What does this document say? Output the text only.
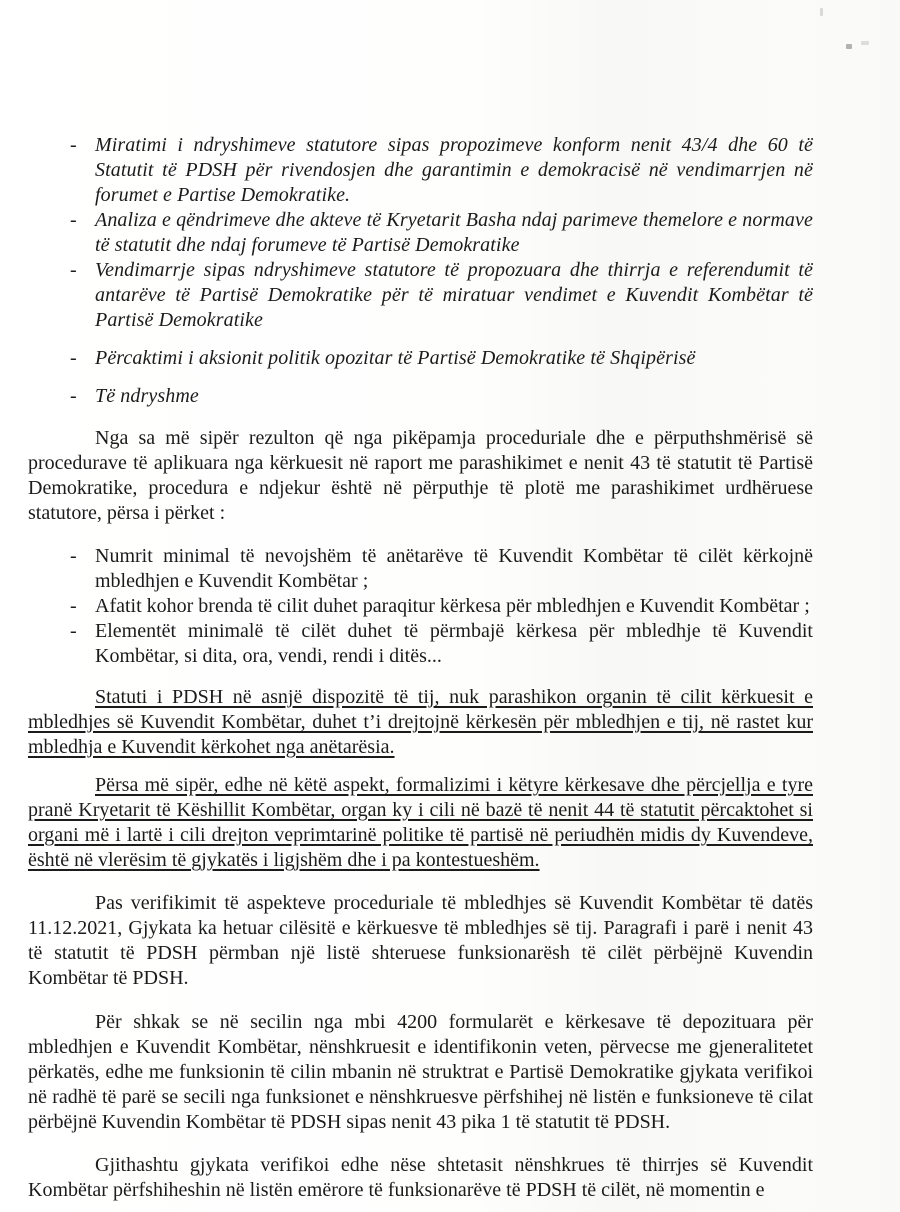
- Miratimi i ndryshimeve statutore sipas propozimeve konform nenit 43/4 dhe 60 të Statutit të PDSH për rivendosjen dhe garantimin e demokracisë në vendimarrjen në forumet e Partise Demokratike.
- Analiza e qëndrimeve dhe akteve të Kryetarit Basha ndaj parimeve themelore e normave të statutit dhe ndaj forumeve të Partisë Demokratike
- Vendimarrje sipas ndryshimeve statutore të propozuara dhe thirrja e referendumit të antarëve të Partisë Demokratike për të miratuar vendimet e Kuvendit Kombëtar të Partisë Demokratike
- Përcaktimi i aksionit politik opozitar të Partisë Demokratike të Shqipërisë
- Të ndryshme

Nga sa më sipër rezulton që nga pikëpamja proceduriale dhe e përputhshmërisë së procedurave të aplikuara nga kërkuesit në raport me parashikimet e nenit 43 të statutit të Partisë Demokratike, procedura e ndjekur është në përputhje të plotë me parashikimet urdhëruese statutore, përsa i përket :

- Numrit minimal të nevojshëm të anëtarëve të Kuvendit Kombëtar të cilët kërkojnë mbledhjen e Kuvendit Kombëtar ;
- Afatit kohor brenda të cilit duhet paraqitur kërkesa për mbledhjen e Kuvendit Kombëtar ;
- Elementët minimalë të cilët duhet të përmbajë kërkesa për mbledhje të Kuvendit Kombëtar, si dita, ora, vendi, rendi i ditës...

Statuti i PDSH në asnjë dispozitë të tij, nuk parashikon organin të cilit kërkuesit e mbledhjes së Kuvendit Kombëtar, duhet t’i drejtojnë kërkesën për mbledhjen e tij, në rastet kur mbledhja e Kuvendit kërkohet nga anëtarësia.

Përsa më sipër, edhe në këtë aspekt, formalizimi i këtyre kërkesave dhe përcjellja e tyre pranë Kryetarit të Këshillit Kombëtar, organ ky i cili në bazë të nenit 44 të statutit përcaktohet si organi më i lartë i cili drejton veprimtarinë politike të partisë në periudhën midis dy Kuvendeve, është në vlerësim të gjykatës i ligjshëm dhe i pa kontestueshëm.

Pas verifikimit të aspekteve proceduriale të mbledhjes së Kuvendit Kombëtar të datës 11.12.2021, Gjykata ka hetuar cilësitë e kërkuesve të mbledhjes së tij. Paragrafi i parë i nenit 43 të statutit të PDSH përmban një listë shteruese funksionarësh të cilët përbëjnë Kuvendin Kombëtar të PDSH.

Për shkak se në secilin nga mbi 4200 formularët e kërkesave të depozituara për mbledhjen e Kuvendit Kombëtar, nënshkruesit e identifikonin veten, përvecse me gjeneralitetet përkatës, edhe me funksionin të cilin mbanin në struktrat e Partisë Demokratike gjykata verifikoi në radhë të parë se secili nga funksionet e nënshkruesve përfshihej në listën e funksioneve të cilat përbëjnë Kuvendin Kombëtar të PDSH sipas nenit 43 pika 1 të statutit të PDSH.

Gjithashtu gjykata verifikoi edhe nëse shtetasit nënshkrues të thirrjes së Kuvendit Kombëtar përfshiheshin në listën emërore të funksionarëve të PDSH të cilët, në momentin e
